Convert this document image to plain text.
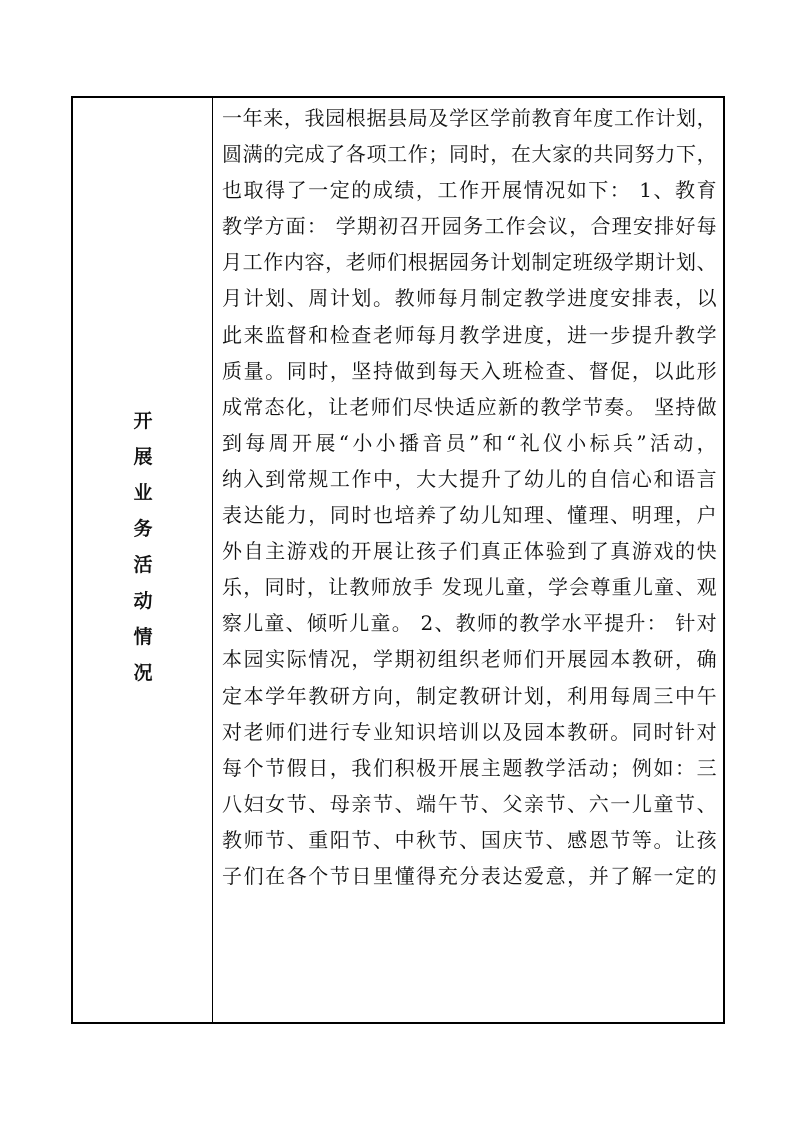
开
展
业
务
活
动
情
况
一年来，我园根据县局及学区学前教育年度工作计划，
圆满的完成了各项工作；同时，在大家的共同努力下，
也取得了一定的成绩，工作开展情况如下： 1、教育
教学方面： 学期初召开园务工作会议，合理安排好每
月工作内容，老师们根据园务计划制定班级学期计划、
月计划、周计划。教师每月制定教学进度安排表，以
此来监督和检查老师每月教学进度，进一步提升教学
质量。同时，坚持做到每天入班检查、督促，以此形
成常态化，让老师们尽快适应新的教学节奏。 坚持做
到每周开展“小小播音员”和“礼仪小标兵”活动，
纳入到常规工作中，大大提升了幼儿的自信心和语言
表达能力，同时也培养了幼儿知理、懂理、明理，户
外自主游戏的开展让孩子们真正体验到了真游戏的快
乐，同时，让教师放手 发现儿童，学会尊重儿童、观
察儿童、倾听儿童。 2、教师的教学水平提升： 针对
本园实际情况，学期初组织老师们开展园本教研，确
定本学年教研方向，制定教研计划，利用每周三中午
对老师们进行专业知识培训以及园本教研。同时针对
每个节假日，我们积极开展主题教学活动；例如：三
八妇女节、母亲节、端午节、父亲节、六一儿童节、
教师节、重阳节、中秋节、国庆节、感恩节等。让孩
子们在各个节日里懂得充分表达爱意，并了解一定的
